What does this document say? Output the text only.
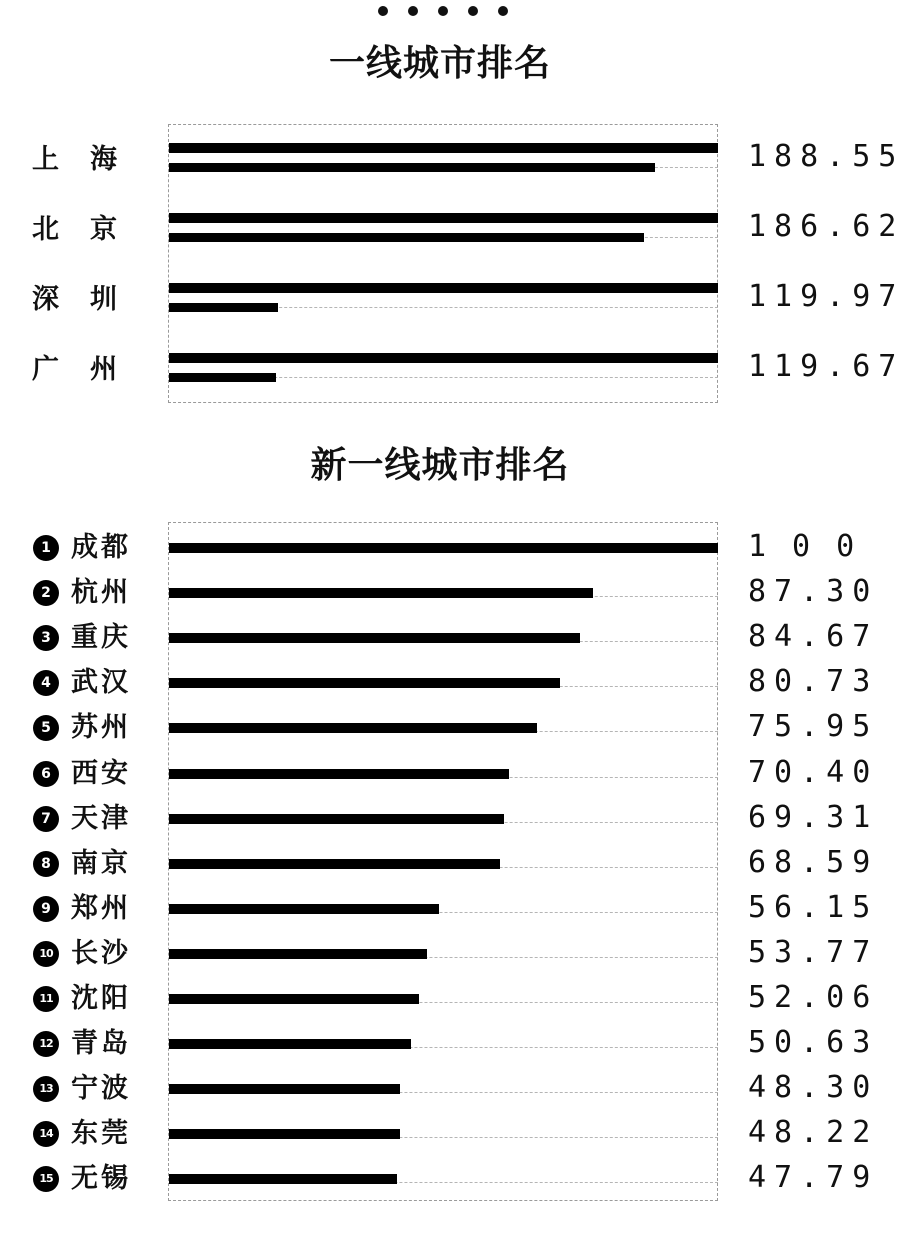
一线城市排名
上　海	188.55
北　京	186.62
深　圳	119.97
广　州	119.67
新一线城市排名
1 成都	100
2 杭州	87.30
3 重庆	84.67
4 武汉	80.73
5 苏州	75.95
6 西安	70.40
7 天津	69.31
8 南京	68.59
9 郑州	56.15
10 长沙	53.77
11 沈阳	52.06
12 青岛	50.63
13 宁波	48.30
14 东莞	48.22
15 无锡	47.79
